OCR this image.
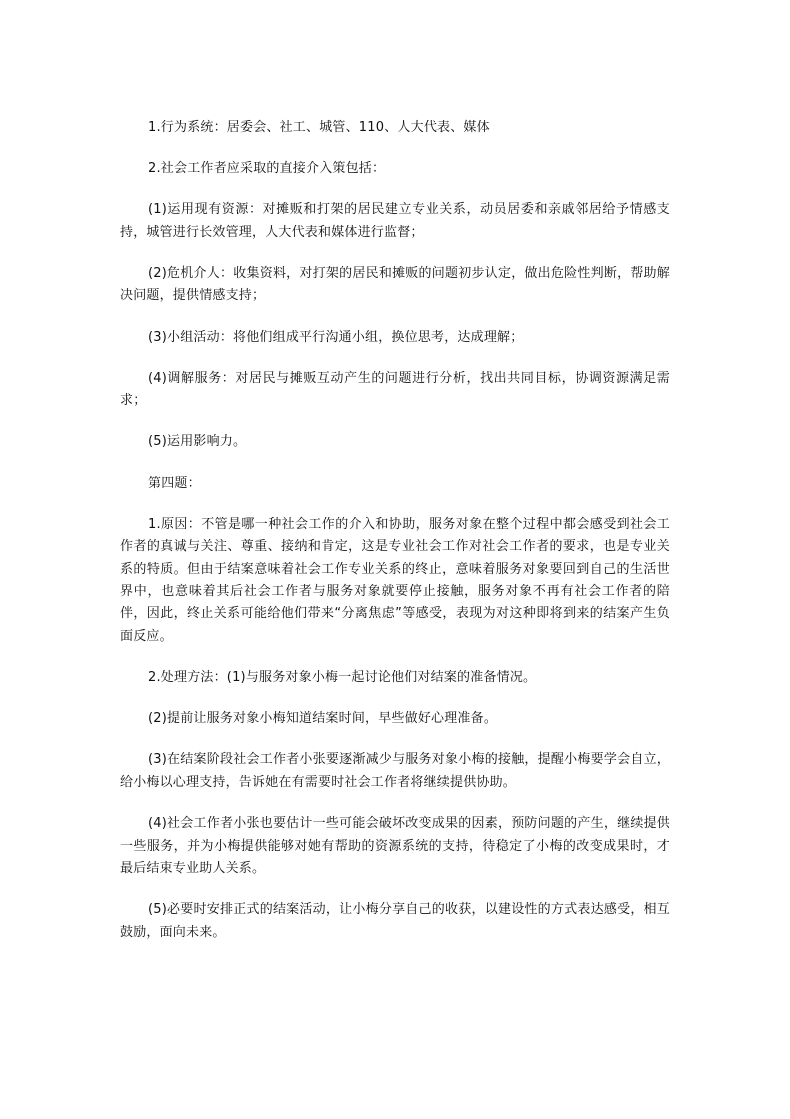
1.行为系统：居委会、社工、城管、110、人大代表、媒体

2.社会工作者应采取的直接介入策包括：

(1)运用现有资源：对摊贩和打架的居民建立专业关系，动员居委和亲戚邻居给予情感支持，城管进行长效管理，人大代表和媒体进行监督；

(2)危机介人：收集资料，对打架的居民和摊贩的问题初步认定，做出危险性判断，帮助解决问题，提供情感支持；

(3)小组活动：将他们组成平行沟通小组，换位思考，达成理解；

(4)调解服务：对居民与摊贩互动产生的问题进行分析，找出共同目标，协调资源满足需求；

(5)运用影响力。

第四题：

1.原因：不管是哪一种社会工作的介入和协助，服务对象在整个过程中都会感受到社会工作者的真诚与关注、尊重、接纳和肯定，这是专业社会工作对社会工作者的要求，也是专业关系的特质。但由于结案意味着社会工作专业关系的终止，意味着服务对象要回到自己的生活世界中，也意味着其后社会工作者与服务对象就要停止接触，服务对象不再有社会工作者的陪伴，因此，终止关系可能给他们带来“分离焦虑”等感受，表现为对这种即将到来的结案产生负面反应。

2.处理方法：(1)与服务对象小梅一起讨论他们对结案的准备情况。

(2)提前让服务对象小梅知道结案时间，早些做好心理准备。

(3)在结案阶段社会工作者小张要逐渐减少与服务对象小梅的接触，提醒小梅要学会自立，给小梅以心理支持，告诉她在有需要时社会工作者将继续提供协助。

(4)社会工作者小张也要估计一些可能会破坏改变成果的因素，预防问题的产生，继续提供一些服务，并为小梅提供能够对她有帮助的资源系统的支持，待稳定了小梅的改变成果时，才最后结束专业助人关系。

(5)必要时安排正式的结案活动，让小梅分享自己的收获，以建设性的方式表达感受，相互鼓励，面向未来。
